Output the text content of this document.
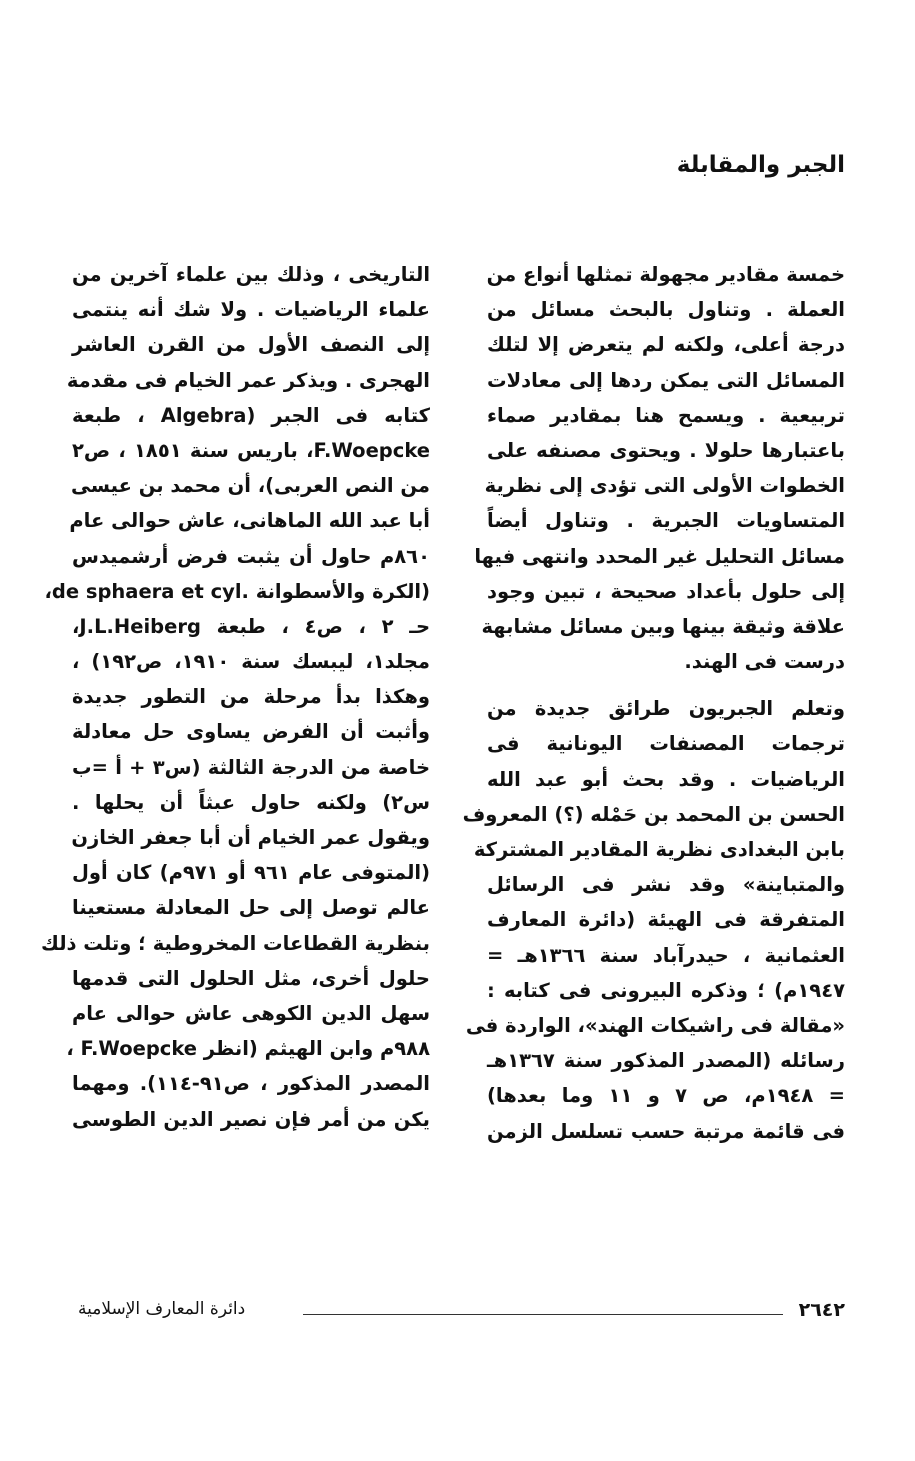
الجبر والمقابلة
خمسة مقادير مجهولة تمثلها أنواع من
العملة . وتناول بالبحث مسائل من
درجة أعلى، ولكنه لم يتعرض إلا لتلك
المسائل التى يمكن ردها إلى معادلات
تربيعية . ويسمح هنا بمقادير صماء
باعتبارها حلولا . ويحتوى مصنفه على
الخطوات الأولى التى تؤدى إلى نظرية
المتساويات الجبرية . وتناول أيضاً
مسائل التحليل غير المحدد وانتهى فيها
إلى حلول بأعداد صحيحة ، تبين وجود
علاقة وثيقة بينها وبين مسائل مشابهة
درست فى الهند.
وتعلم الجبريون طرائق جديدة من
ترجمات المصنفات اليونانية فى
الرياضيات . وقد بحث أبو عبد الله
الحسن بن المحمد بن حَمْله (؟) المعروف
بابن البغدادى نظرية المقادير المشتركة
والمتباينة» وقد نشر فى الرسائل
المتفرقة فى الهيئة (دائرة المعارف
العثمانية ، حيدرآباد سنة ١٣٦٦هـ =
١٩٤٧م) ؛ وذكره البيرونى فى كتابه :
«مقالة فى راشيكات الهند»، الواردة فى
رسائله (المصدر المذكور سنة ١٣٦٧هـ
= ١٩٤٨م، ص ٧ و ١١ وما بعدها)
فى قائمة مرتبة حسب تسلسل الزمن
التاريخى ، وذلك بين علماء آخرين من
علماء الرياضيات . ولا شك أنه ينتمى
إلى النصف الأول من القرن العاشر
الهجرى . ويذكر عمر الخيام فى مقدمة
كتابه فى الجبر (Algebra ، طبعة
F.Woepcke، باريس سنة ١٨٥١ ، ص٢
من النص العربى)، أن محمد بن عيسى
أبا عبد الله الماهانى، عاش حوالى عام
٨٦٠م حاول أن يثبت فرض أرشميدس
(الكرة والأسطوانة .de sphaera et cyl،
حـ ٢ ، ص٤ ، طبعة J.L.Heiberg،
مجلد١، ليبسك سنة ١٩١٠، ص١٩٢) ،
وهكذا بدأ مرحلة من التطور جديدة
وأثبت أن الفرض يساوى حل معادلة
خاصة من الدرجة الثالثة (س٣ + أ =ب
س٢) ولكنه حاول عبثاً أن يحلها .
ويقول عمر الخيام أن أبا جعفر الخازن
(المتوفى عام ٩٦١ أو ٩٧١م) كان أول
عالم توصل إلى حل المعادلة مستعينا
بنظرية القطاعات المخروطية ؛ وتلت ذلك
حلول أخرى، مثل الحلول التى قدمها
سهل الدين الكوهى عاش حوالى عام
٩٨٨م وابن الهيثم (انظر F.Woepcke ،
المصدر المذكور ، ص٩١-١١٤). ومهما
يكن من أمر فإن نصير الدين الطوسى
٢٦٤٢
دائرة المعارف الإسلامية
